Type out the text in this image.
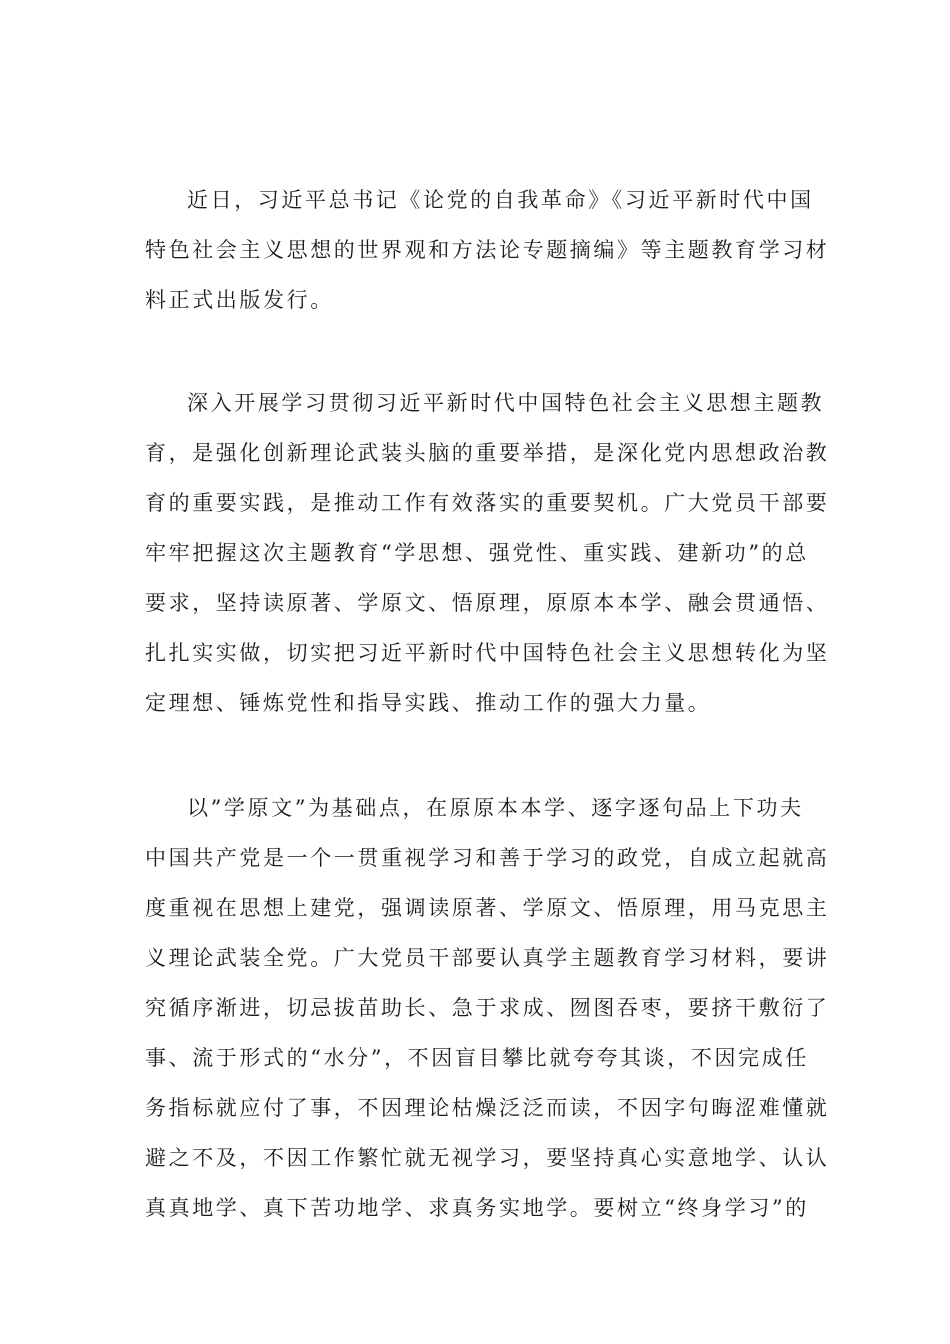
近日，习近平总书记《论党的自我革命》《习近平新时代中国
特色社会主义思想的世界观和方法论专题摘编》等主题教育学习材
料正式出版发行。
深入开展学习贯彻习近平新时代中国特色社会主义思想主题教
育，是强化创新理论武装头脑的重要举措，是深化党内思想政治教
育的重要实践，是推动工作有效落实的重要契机。广大党员干部要
牢牢把握这次主题教育“学思想、强党性、重实践、建新功”的总
要求，坚持读原著、学原文、悟原理，原原本本学、融会贯通悟、
扎扎实实做，切实把习近平新时代中国特色社会主义思想转化为坚
定理想、锤炼党性和指导实践、推动工作的强大力量。
以”学原文”为基础点，在原原本本学、逐字逐句品上下功夫
中国共产党是一个一贯重视学习和善于学习的政党，自成立起就高
度重视在思想上建党，强调读原著、学原文、悟原理，用马克思主
义理论武装全党。广大党员干部要认真学主题教育学习材料，要讲
究循序渐进，切忌拔苗助长、急于求成、囫图吞枣，要挤干敷衍了
事、流于形式的“水分”，不因盲目攀比就夸夸其谈，不因完成任
务指标就应付了事，不因理论枯燥泛泛而读，不因字句晦涩难懂就
避之不及，不因工作繁忙就无视学习，要坚持真心实意地学、认认
真真地学、真下苦功地学、求真务实地学。要树立“终身学习”的
